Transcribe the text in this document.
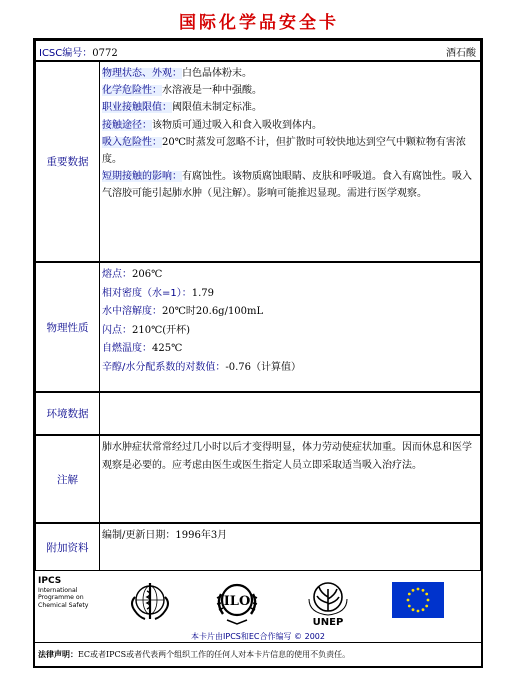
国际化学品安全卡
ICSC编号：0772	酒石酸
重要数据
物理状态、外观：白色晶体粉末。
化学危险性：水溶液是一种中强酸。
职业接触限值：阈限值未制定标准。
接触途径：该物质可通过吸入和食入吸收到体内。
吸入危险性：20℃时蒸发可忽略不计，但扩散时可较快地达到空气中颗粒物有害浓度。
短期接触的影响：有腐蚀性。该物质腐蚀眼睛、皮肤和呼吸道。食入有腐蚀性。吸入气溶胶可能引起肺水肿（见注解）。影响可能推迟显现。需进行医学观察。
物理性质
熔点：206℃
相对密度（水=1）：1.79
水中溶解度：20℃时20.6g/100mL
闪点：210℃(开杯)
自燃温度：425℃
辛醇/水分配系数的对数值：-0.76（计算值）
环境数据
注解
肺水肿症状常常经过几小时以后才变得明显，体力劳动使症状加重。因而休息和医学观察是必要的。应考虑由医生或医生指定人员立即采取适当吸入治疗法。
附加资料
编制/更新日期：1996年3月
IPCS
International
Programme on
Chemical Safety	ILO
UNEP
本卡片由IPCS和EC合作编写 © 2002
法律声明：EC或者IPCS或者代表两个组织工作的任何人对本卡片信息的使用不负责任。
